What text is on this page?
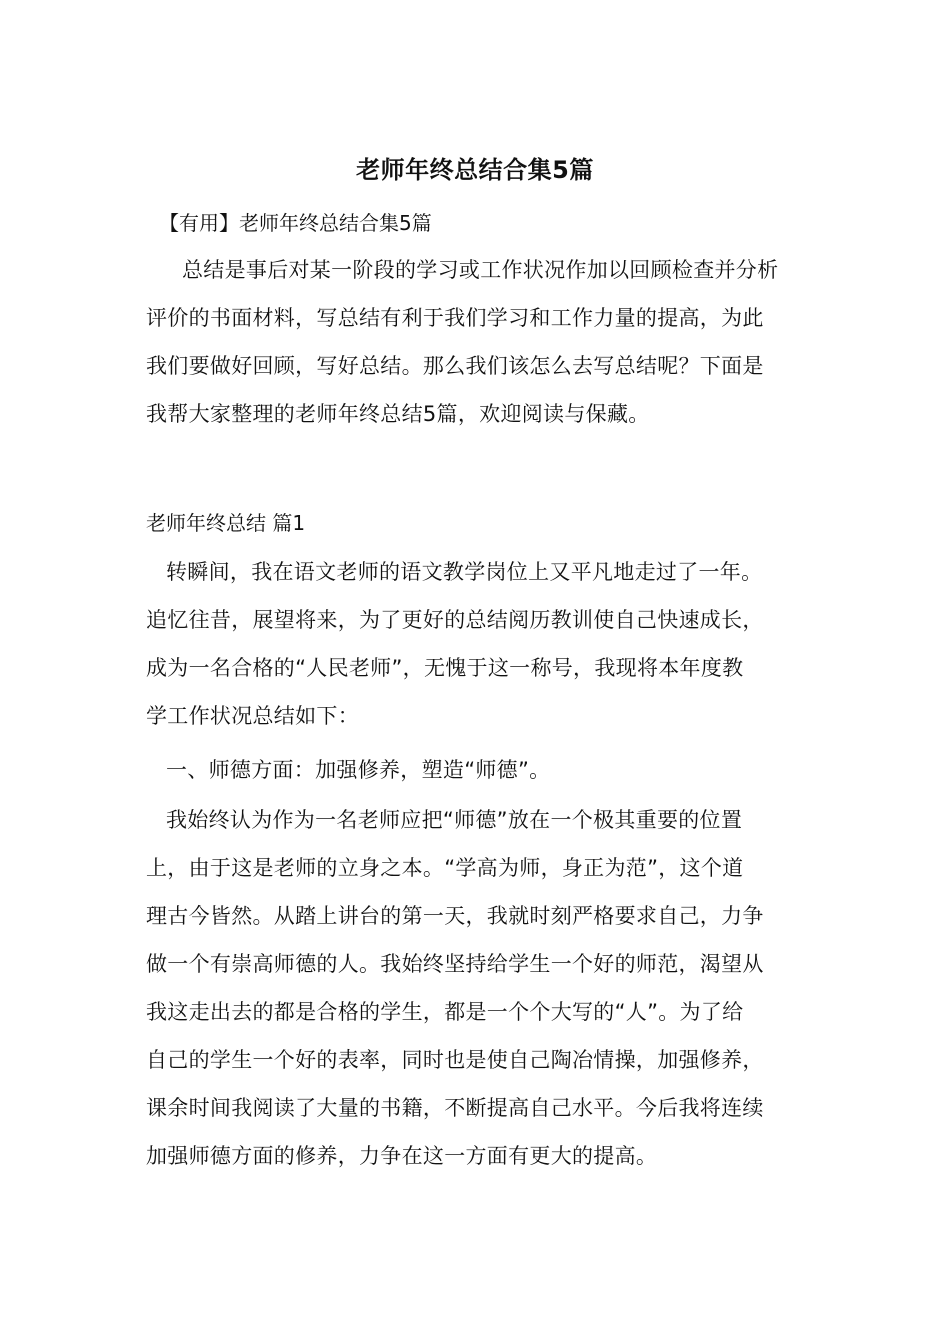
老师年终总结合集5篇
【有用】老师年终总结合集5篇
总结是事后对某一阶段的学习或工作状况作加以回顾检查并分析
评价的书面材料，写总结有利于我们学习和工作力量的提高，为此
我们要做好回顾，写好总结。那么我们该怎么去写总结呢？下面是
我帮大家整理的老师年终总结5篇，欢迎阅读与保藏。
老师年终总结 篇1
转瞬间，我在语文老师的语文教学岗位上又平凡地走过了一年。
追忆往昔，展望将来，为了更好的总结阅历教训使自己快速成长，
成为一名合格的“人民老师”，无愧于这一称号，我现将本年度教
学工作状况总结如下：
一、师德方面：加强修养，塑造“师德”。
我始终认为作为一名老师应把“师德”放在一个极其重要的位置
上，由于这是老师的立身之本。“学高为师，身正为范”，这个道
理古今皆然。从踏上讲台的第一天，我就时刻严格要求自己，力争
做一个有崇高师德的人。我始终坚持给学生一个好的师范，渴望从
我这走出去的都是合格的学生，都是一个个大写的“人”。为了给
自己的学生一个好的表率，同时也是使自己陶冶情操，加强修养，
课余时间我阅读了大量的书籍，不断提高自己水平。今后我将连续
加强师德方面的修养，力争在这一方面有更大的提高。
